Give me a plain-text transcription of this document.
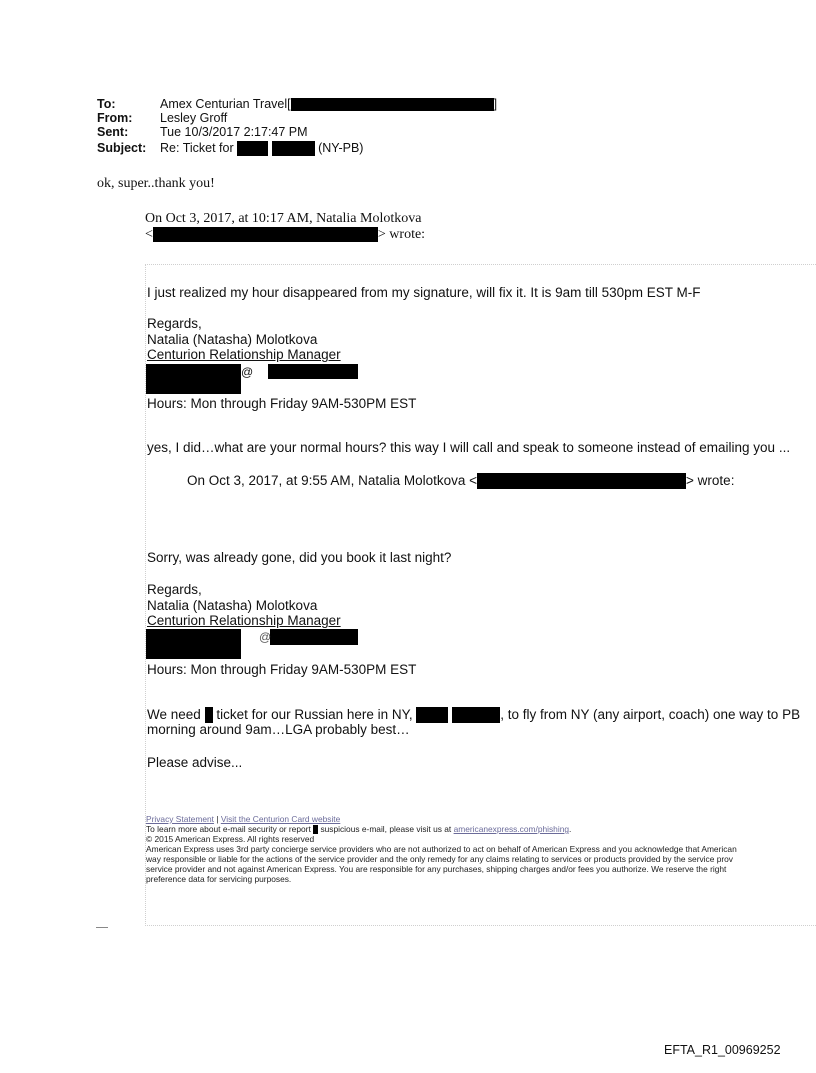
To:	Amex Centurian Travel[	]
From: Lesley Groff
Sent:	Tue 10/3/2017 2:17:47 PM
Subject: Re: Ticket for	(NY-PB)
ok, super..thank you!
On Oct 3, 2017, at 10:17 AM, Natalia Molotkova
<	> wrote:
I just realized my hour disappeared from my signature, will fix it. It is 9am till 530pm EST M-F
Regards,
Natalia (Natasha) Molotkova
Centurion Relationship Manager
@
Hours: Mon through Friday 9AM-530PM EST
yes, I did…what are your normal hours? this way I will call and speak to someone instead of emailing you ...
On Oct 3, 2017, at 9:55 AM, Natalia Molotkova <	> wrote:
Sorry, was already gone, did you book it last night?
Regards,
Natalia (Natasha) Molotkova
Centurion Relationship Manager
@
Hours: Mon through Friday 9AM-530PM EST
We need ticket for our Russian here in NY,	, to fly from NY (any airport, coach) one way to PB
morning around 9am…LGA probably best…
Please advise...
Privacy Statement | Visit the Centurion Card website
To learn more about e-mail security or report suspicious e-mail, please visit us at americanexpress.com/phishing.
© 2015 American Express. All rights reserved
American Express uses 3rd party concierge service providers who are not authorized to act on behalf of American Express and you acknowledge that American
way responsible or liable for the actions of the service provider and the only remedy for any claims relating to services or products provided by the service prov
service provider and not against American Express. You are responsible for any purchases, shipping charges and/or fees you authorize. We reserve the right
preference data for servicing purposes.
EFTA_R1_00969252
